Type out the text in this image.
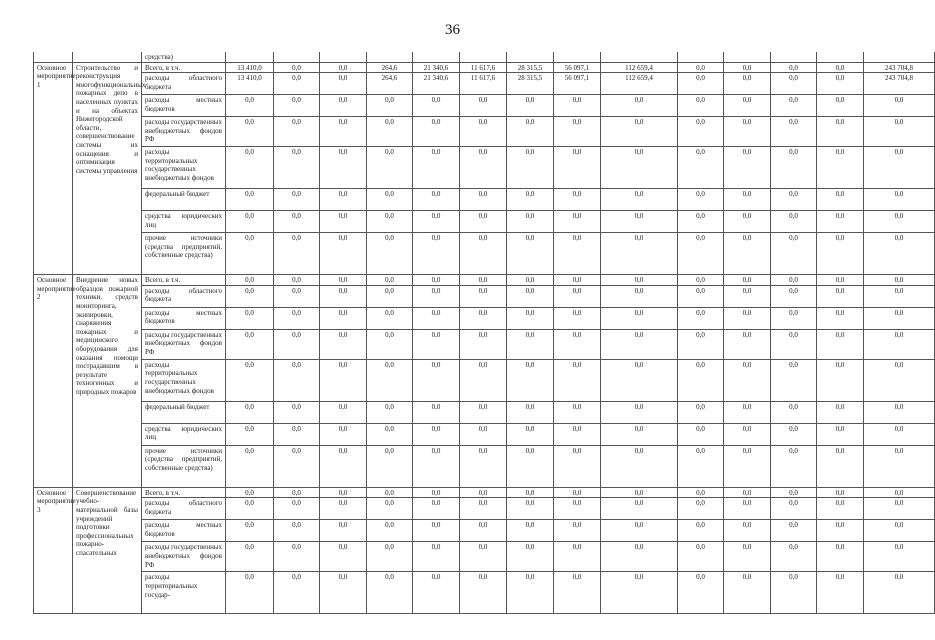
36
		средства)														
Основное мероприятие 1	Строительство и реконструкция многофункциональных пожарных депо в населенных пунктах и на объектах Нижегородской области, совершенствование системы их оснащения и оптимизация системы управления	Всего, в т.ч.	13 410,0	0,0	0,0	264,6	21 340,6	11 617,6	28 315,5	56 097,1	112 659,4	0,0	0,0	0,0	0,0	243 704,8
		расходы областного бюджета	13 410,0	0,0	0,0	264,6	21 340,6	11 617,6	28 315,5	56 097,1	112 659,4	0,0	0,0	0,0	0,0	243 704,8
		расходы местных бюджетов	0,0	0,0	0,0	0,0	0,0	0,0	0,0	0,0	0,0	0,0	0,0	0,0	0,0	0,0
		расходы государственных внебюджетных фондов РФ	0,0	0,0	0,0	0,0	0,0	0,0	0,0	0,0	0,0	0,0	0,0	0,0	0,0	0,0
		расходы территориальных государственных внебюджетных фондов	0,0	0,0	0,0	0,0	0,0	0,0	0,0	0,0	0,0	0,0	0,0	0,0	0,0	0,0
		федеральный бюджет	0,0	0,0	0,0	0,0	0,0	0,0	0,0	0,0	0,0	0,0	0,0	0,0	0,0	0,0
		средства юридических лиц	0,0	0,0	0,0	0,0	0,0	0,0	0,0	0,0	0,0	0,0	0,0	0,0	0,0	0,0
		прочие источники (средства предприятий, собственные средства)	0,0	0,0	0,0	0,0	0,0	0,0	0,0	0,0	0,0	0,0	0,0	0,0	0,0	0,0
Основное мероприятие 2	Внедрение новых образцов пожарной техники, средств мониторинга, экипировки, снаряжения пожарных и медицинского оборудования для оказания помощи пострадавшим в результате техногенных и природных пожаров	Всего, в т.ч.	0,0	0,0	0,0	0,0	0,0	0,0	0,0	0,0	0,0	0,0	0,0	0,0	0,0	0,0
		расходы областного бюджета	0,0	0,0	0,0	0,0	0,0	0,0	0,0	0,0	0,0	0,0	0,0	0,0	0,0	0,0
		расходы местных бюджетов	0,0	0,0	0,0	0,0	0,0	0,0	0,0	0,0	0,0	0,0	0,0	0,0	0,0	0,0
		расходы государственных внебюджетных фондов РФ	0,0	0,0	0,0	0,0	0,0	0,0	0,0	0,0	0,0	0,0	0,0	0,0	0,0	0,0
		расходы территориальных государственных внебюджетных фондов	0,0	0,0	0,0	0,0	0,0	0,0	0,0	0,0	0,0	0,0	0,0	0,0	0,0	0,0
		федеральный бюджет	0,0	0,0	0,0	0,0	0,0	0,0	0,0	0,0	0,0	0,0	0,0	0,0	0,0	0,0
		средства юридических лиц	0,0	0,0	0,0	0,0	0,0	0,0	0,0	0,0	0,0	0,0	0,0	0,0	0,0	0,0
		прочие источники (средства предприятий, собственные средства)	0,0	0,0	0,0	0,0	0,0	0,0	0,0	0,0	0,0	0,0	0,0	0,0	0,0	0,0
Основное мероприятие 3	Совершенствование учебно-материальной базы учреждений подготовки профессиональных пожарно-спасательных	Всего, в т.ч.	0,0	0,0	0,0	0,0	0,0	0,0	0,0	0,0	0,0	0,0	0,0	0,0	0,0	0,0
		расходы областного бюджета	0,0	0,0	0,0	0,0	0,0	0,0	0,0	0,0	0,0	0,0	0,0	0,0	0,0	0,0
		расходы местных бюджетов	0,0	0,0	0,0	0,0	0,0	0,0	0,0	0,0	0,0	0,0	0,0	0,0	0,0	0,0
		расходы государственных внебюджетных фондов РФ	0,0	0,0	0,0	0,0	0,0	0,0	0,0	0,0	0,0	0,0	0,0	0,0	0,0	0,0
		расходы территориальных государ-	0,0	0,0	0,0	0,0	0,0	0,0	0,0	0,0	0,0	0,0	0,0	0,0	0,0	0,0
